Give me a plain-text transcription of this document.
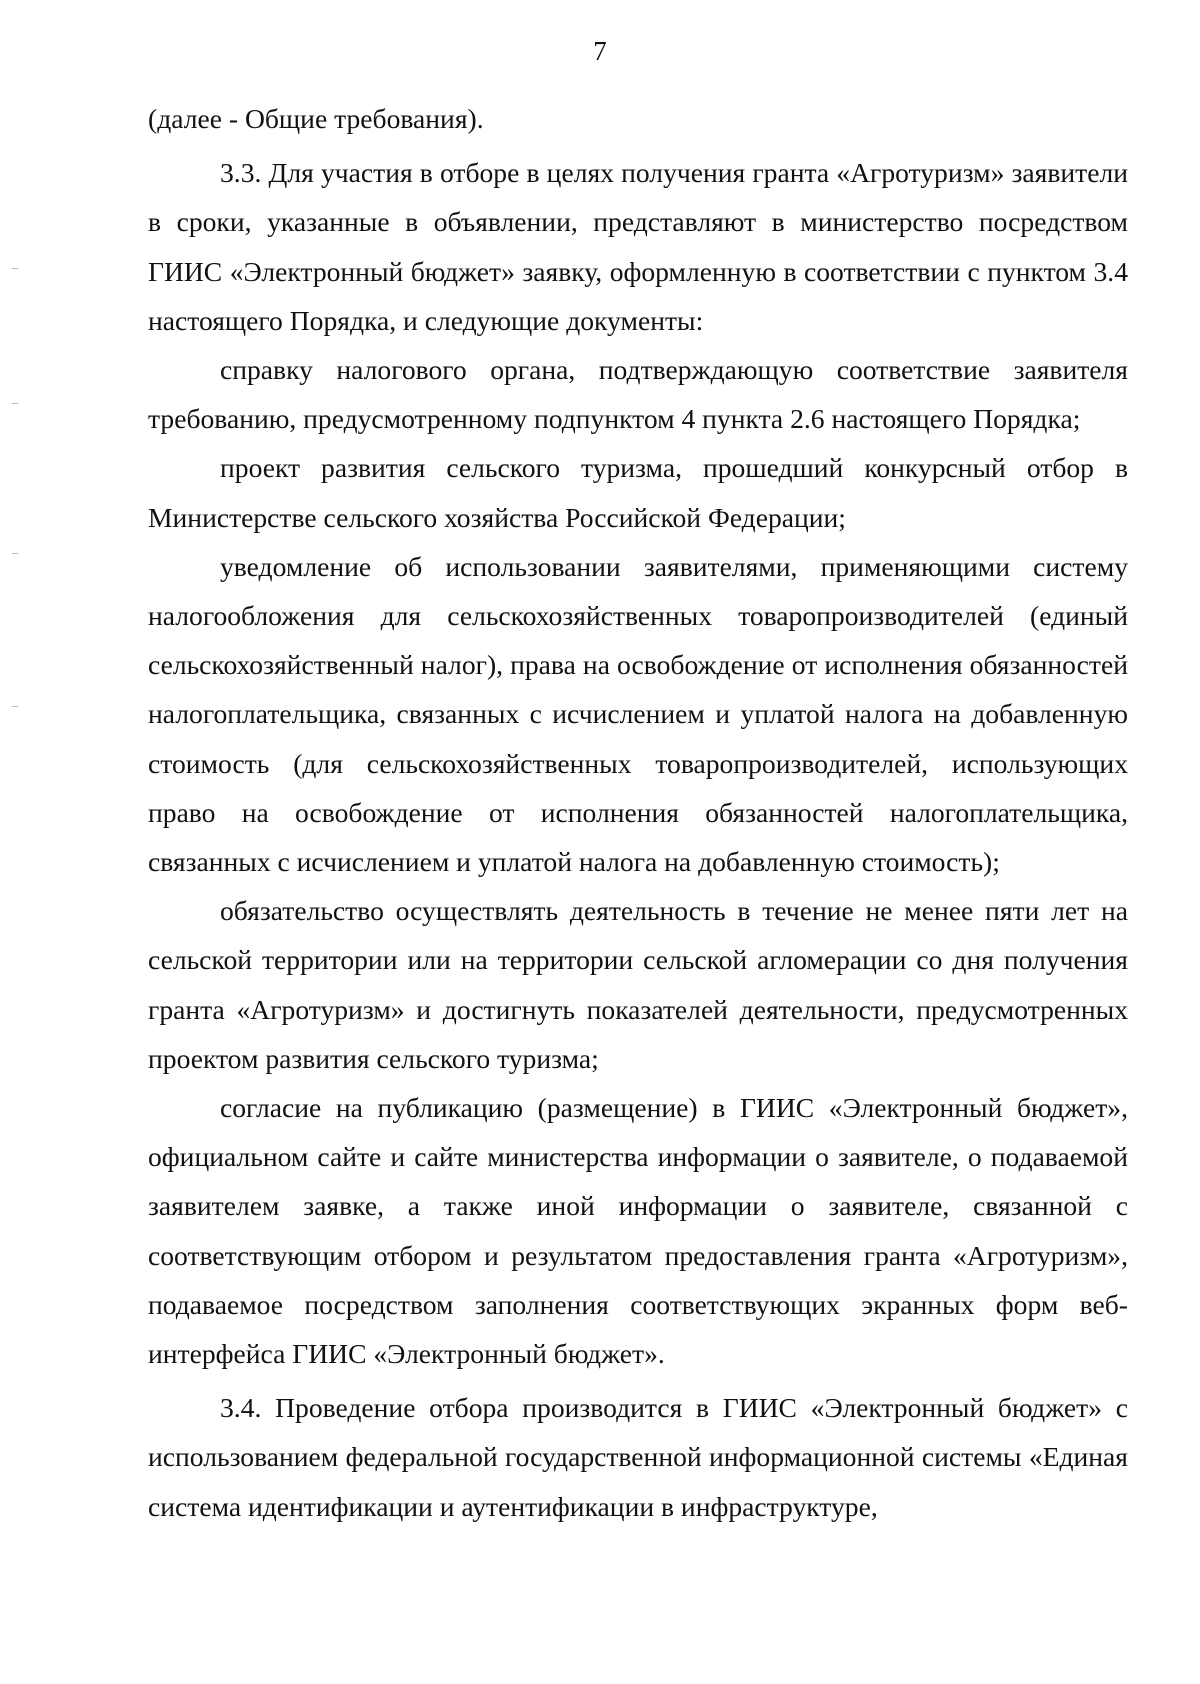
7

(далее - Общие требования).

3.3. Для участия в отборе в целях получения гранта «Агротуризм» заявители в сроки, указанные в объявлении, представляют в министерство посредством ГИИС «Электронный бюджет» заявку, оформленную в соответствии с пунктом 3.4 настоящего Порядка, и следующие документы:

справку налогового органа, подтверждающую соответствие заявителя требованию, предусмотренному подпунктом 4 пункта 2.6 настоящего Порядка;

проект развития сельского туризма, прошедший конкурсный отбор в Министерстве сельского хозяйства Российской Федерации;

уведомление об использовании заявителями, применяющими систему налогообложения для сельскохозяйственных товаропроизводителей (единый сельскохозяйственный налог), права на освобождение от исполнения обязанностей налогоплательщика, связанных с исчислением и уплатой налога на добавленную стоимость (для сельскохозяйственных товаропроизводителей, использующих право на освобождение от исполнения обязанностей налогоплательщика, связанных с исчислением и уплатой налога на добавленную стоимость);

обязательство осуществлять деятельность в течение не менее пяти лет на сельской территории или на территории сельской агломерации со дня получения гранта «Агротуризм» и достигнуть показателей деятельности, предусмотренных проектом развития сельского туризма;

согласие на публикацию (размещение) в ГИИС «Электронный бюджет», официальном сайте и сайте министерства информации о заявителе, о подаваемой заявителем заявке, а также иной информации о заявителе, связанной с соответствующим отбором и результатом предоставления гранта «Агротуризм», подаваемое посредством заполнения соответствующих экранных форм веб-интерфейса ГИИС «Электронный бюджет».

3.4. Проведение отбора производится в ГИИС «Электронный бюджет» с использованием федеральной государственной информационной системы «Единая система идентификации и аутентификации в инфраструктуре,
